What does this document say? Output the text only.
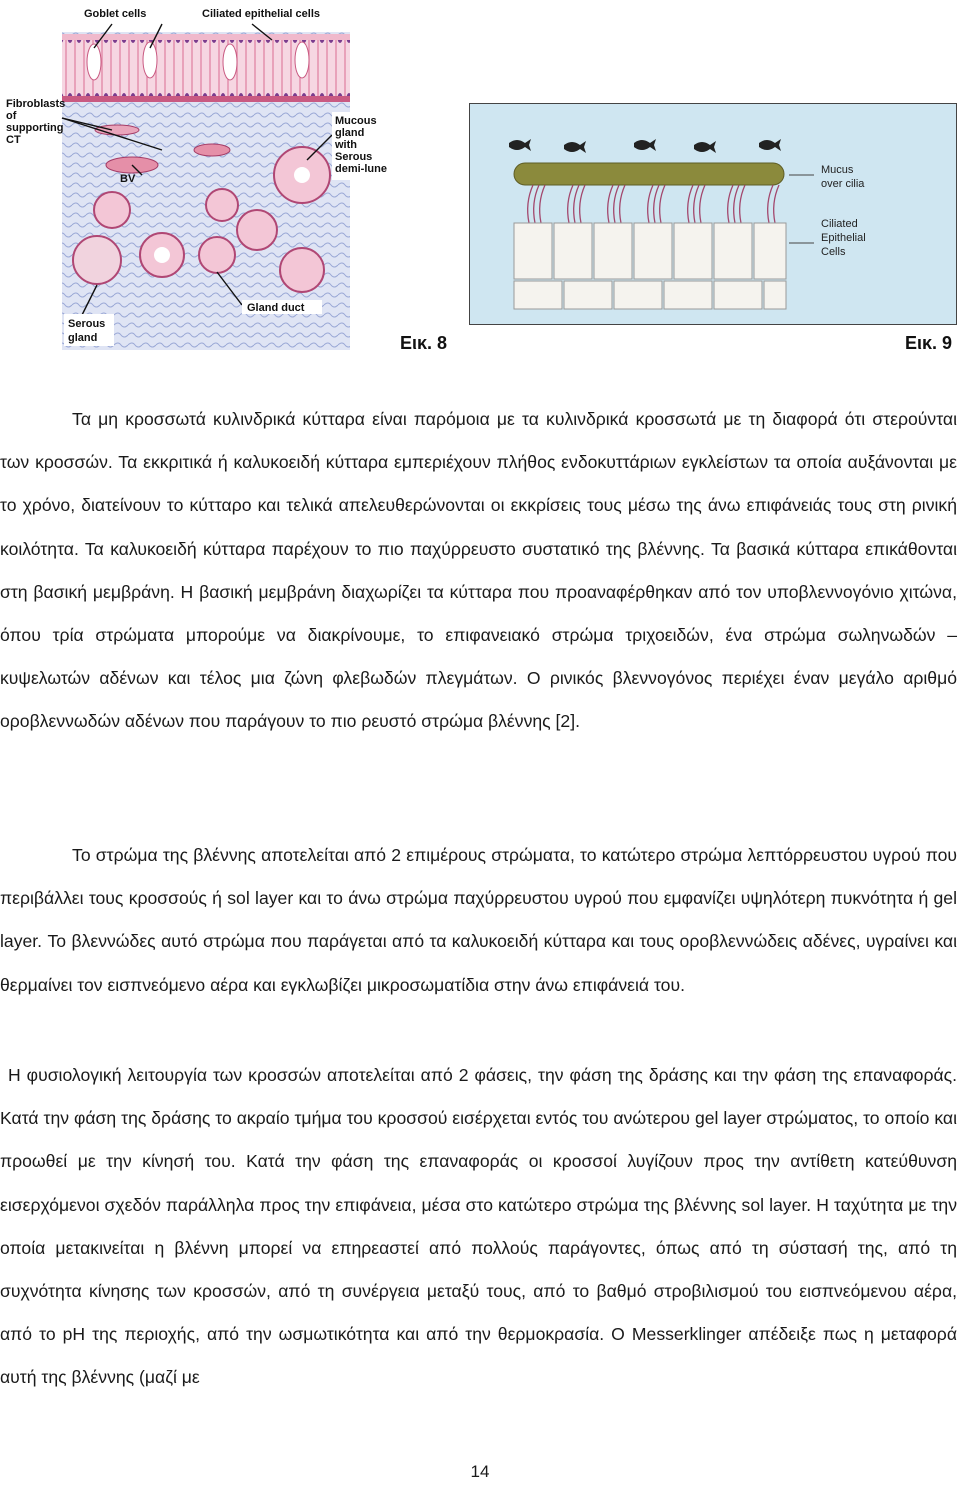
Goblet cells	Ciliated epithelial cells
Fibroblasts
of
supporting
CT
Mucous
gland
with
Serous
demi-lune
BV
Serous
gland
Gland duct
Εικ. 8
Mucus
over cilia
Ciliated
Epithelial
Cells
Εικ. 9
Τα μη κροσσωτά κυλινδρικά κύτταρα είναι παρόμοια με τα κυλινδρικά κροσσωτά με τη διαφορά ότι στερούνται των κροσσών. Τα εκκριτικά ή καλυκοειδή κύτταρα εμπεριέχουν πλήθος ενδοκυττάριων εγκλείστων τα οποία αυξάνονται με το χρόνο, διατείνουν το κύτταρο και τελικά απελευθερώνονται οι εκκρίσεις τους μέσω της άνω επιφάνειάς τους στη ρινική κοιλότητα. Τα καλυκοειδή κύτταρα παρέχουν το πιο παχύρρευστο συστατικό της βλέννης. Τα βασικά κύτταρα επικάθονται στη βασική μεμβράνη. Η βασική μεμβράνη διαχωρίζει τα κύτταρα που προαναφέρθηκαν από τον υποβλεννογόνιο χιτώνα, όπου τρία στρώματα μπορούμε να διακρίνουμε, το επιφανειακό στρώμα τριχοειδών, ένα στρώμα σωληνωδών – κυψελωτών αδένων και τέλος μια ζώνη φλεβωδών πλεγμάτων. Ο ρινικός βλεννογόνος περιέχει έναν μεγάλο αριθμό οροβλεννωδών αδένων που παράγουν το πιο ρευστό στρώμα βλέννης [2].
Το στρώμα της βλέννης αποτελείται από 2 επιμέρους στρώματα, το κατώτερο στρώμα λεπτόρρευστου υγρού που περιβάλλει τους κροσσούς ή sol layer και το άνω στρώμα παχύρρευστου υγρού που εμφανίζει υψηλότερη πυκνότητα ή gel layer. Το βλεννώδες αυτό στρώμα που παράγεται από τα καλυκοειδή κύτταρα και τους οροβλεννώδεις αδένες, υγραίνει και θερμαίνει τον εισπνεόμενο αέρα και εγκλωβίζει μικροσωματίδια στην άνω επιφάνειά του.
Η φυσιολογική λειτουργία των κροσσών αποτελείται από 2 φάσεις, την φάση της δράσης και την φάση της επαναφοράς. Κατά την φάση της δράσης το ακραίο τμήμα του κροσσού εισέρχεται εντός του ανώτερου gel layer στρώματος, το οποίο και προωθεί με την κίνησή του. Κατά την φάση της επαναφοράς οι κροσσοί λυγίζουν προς την αντίθετη κατεύθυνση εισερχόμενοι σχεδόν παράλληλα προς την επιφάνεια, μέσα στο κατώτερο στρώμα της βλέννης sol layer. Η ταχύτητα με την οποία μετακινείται η βλέννη μπορεί να επηρεαστεί από πολλούς παράγοντες, όπως από τη σύστασή της, από τη συχνότητα κίνησης των κροσσών, από τη συνέργεια μεταξύ τους, από το βαθμό στροβιλισμού του εισπνεόμενου αέρα, από το pH της περιοχής, από την ωσμωτικότητα και από την θερμοκρασία. Ο Messerklinger απέδειξε πως η μεταφορά αυτή της βλέννης (μαζί με
14
